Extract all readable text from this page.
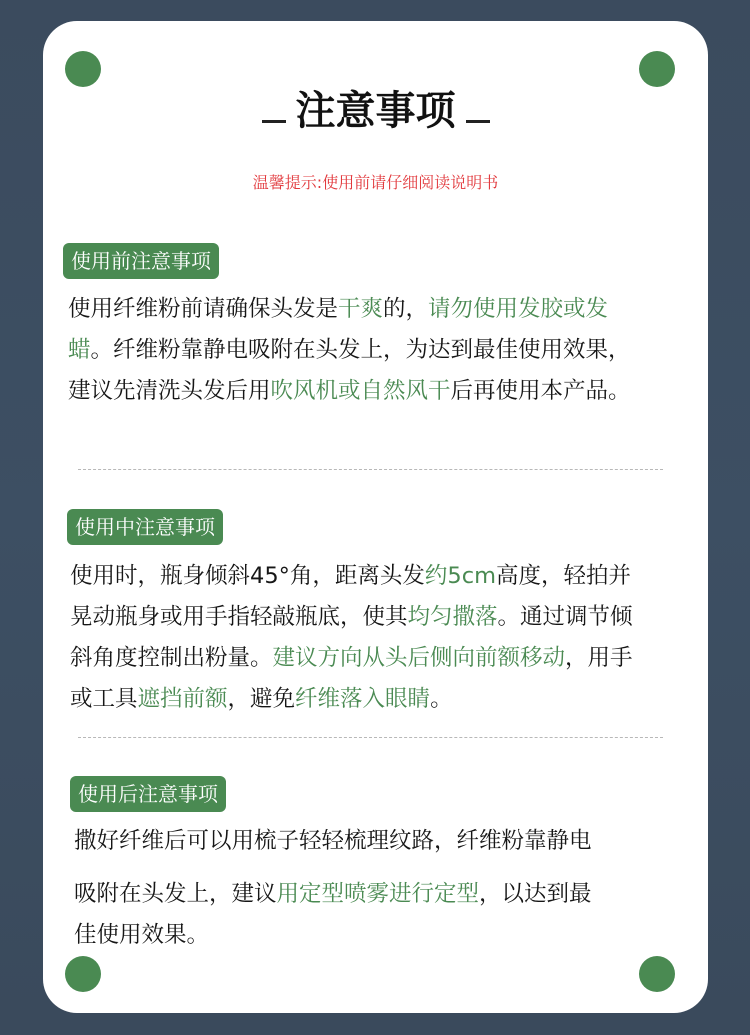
注意事项
温馨提示:使用前请仔细阅读说明书
使用前注意事项
使用纤维粉前请确保头发是干爽的，请勿使用发胶或发蜡。纤维粉靠静电吸附在头发上，为达到最佳使用效果，建议先清洗头发后用吹风机或自然风干后再使用本产品。
使用中注意事项
使用时，瓶身倾斜45°角，距离头发约5cm高度，轻拍并晃动瓶身或用手指轻敲瓶底，使其均匀撒落。通过调节倾斜角度控制出粉量。建议方向从头后侧向前额移动，用手或工具遮挡前额，避免纤维落入眼睛。
使用后注意事项
撒好纤维后可以用梳子轻轻梳理纹路，纤维粉靠静电
吸附在头发上，建议用定型喷雾进行定型，以达到最
佳使用效果。
